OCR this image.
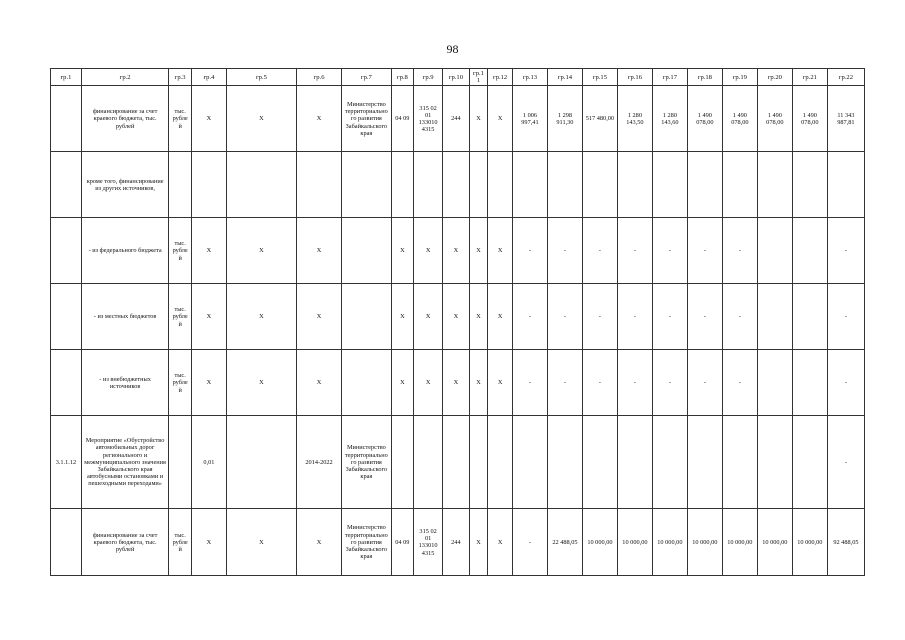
98
гр.1	гр.2	гр.3	гр.4	гр.5	гр.6	гр.7	гр.8	гр.9	гр.10	гр.11	гр.12	гр.13	гр.14	гр.15	гр.16	гр.17	гр.18	гр.19	гр.20	гр.21	гр.22
	финансирование за счет краевого бюджета, тыс. рублей	тыс. рублей	X	X	X	Министерство территориального развития Забайкальского края	04 09	315 02 01 133010 4315	244	X	X	1 006 997,41	1 298 911,30	517 480,00	1 280 143,50	1 280 143,60	1 490 078,00	1 490 078,00	1 490 078,00	1 490 078,00	11 343 987,81
	кроме того, финансирование из других источников,																				
	- из федерального бюджета	тыс. рублей	X	X	X		X	X	X	X	X	-	-	-	-	-	-	-			-
	- из местных бюджетов	тыс. рублей	X	X	X		X	X	X	X	X	-	-	-	-	-	-	-			-
	- из внебюджетных источников	тыс. рублей	X	X	X		X	X	X	X	X	-	-	-	-	-	-	-			-
3.1.1.12	Мероприятие «Обустройство автомобильных дорог регионального и межмуниципального значения Забайкальского края автобусными остановками и пешеходными переходами»		0,01		2014-2022	Министерство территориального развития Забайкальского края															-
	финансирование за счет краевого бюджета, тыс. рублей	тыс. рублей	X	X	X	Министерство территориального развития Забайкальского края	04 09	315 02 01 133010 4315	244	X	X	-	22 488,05	10 000,00	10 000,00	10 000,00	10 000,00	10 000,00	10 000,00	10 000,00	92 488,05
